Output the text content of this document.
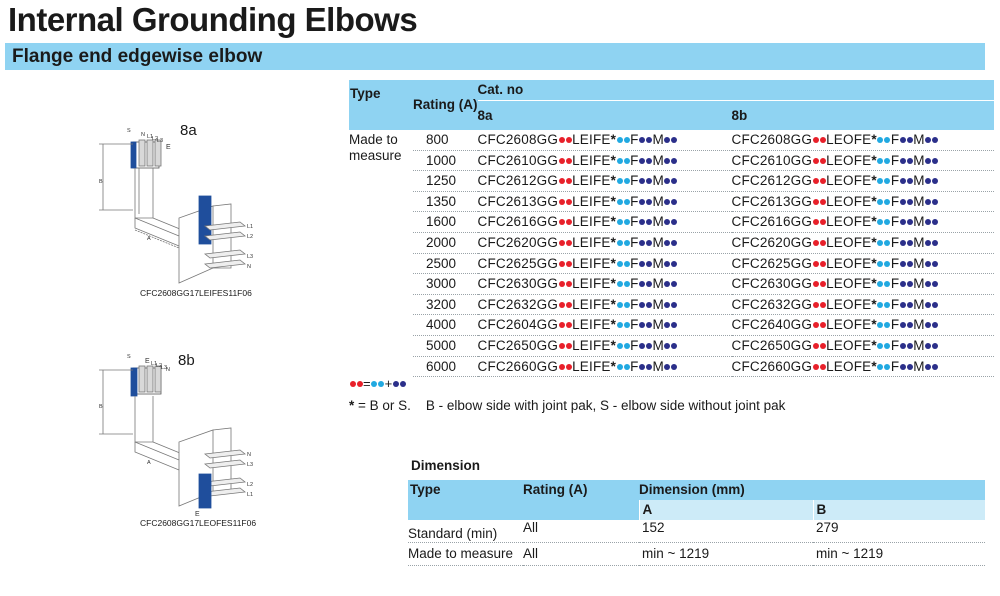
Internal Grounding Elbows
Flange end edgewise elbow
S
N L1
L2
L3
E
B
A
L1
L2
L3
N
8a
CFC2608GG17LEIFES11F06
S
E L1
L2
L3
N
B
A
N
L3
L2
L1
E
8b
CFC2608GG17LEOFES11F06
Type	Rating (A)	Cat. no	
		8a	8b
Made to measure	800	CFC2608GG LEIFE* F M	CFC2608GG LEOFE* F M
	1000	CFC2610GG LEIFE* F M	CFC2610GG LEOFE* F M
	1250	CFC2612GG LEIFE* F M	CFC2612GG LEOFE* F M
	1350	CFC2613GG LEIFE* F M	CFC2613GG LEOFE* F M
	1600	CFC2616GG LEIFE* F M	CFC2616GG LEOFE* F M
	2000	CFC2620GG LEIFE* F M	CFC2620GG LEOFE* F M
	2500	CFC2625GG LEIFE* F M	CFC2625GG LEOFE* F M
	3000	CFC2630GG LEIFE* F M	CFC2630GG LEOFE* F M
	3200	CFC2632GG LEIFE* F M	CFC2632GG LEOFE* F M
	4000	CFC2604GG LEIFE* F M	CFC2640GG LEOFE* F M
	5000	CFC2650GG LEIFE* F M	CFC2650GG LEOFE* F M
	6000	CFC2660GG LEIFE* F M	CFC2660GG LEOFE* F M
= +
* = B or S.    B - elbow side with joint pak, S - elbow side without joint pak
Dimension
Type	Rating (A)	Dimension (mm)	
		A	B
Standard (min)	All	152	279
Made to measure	All	min ~ 1219	min ~ 1219
